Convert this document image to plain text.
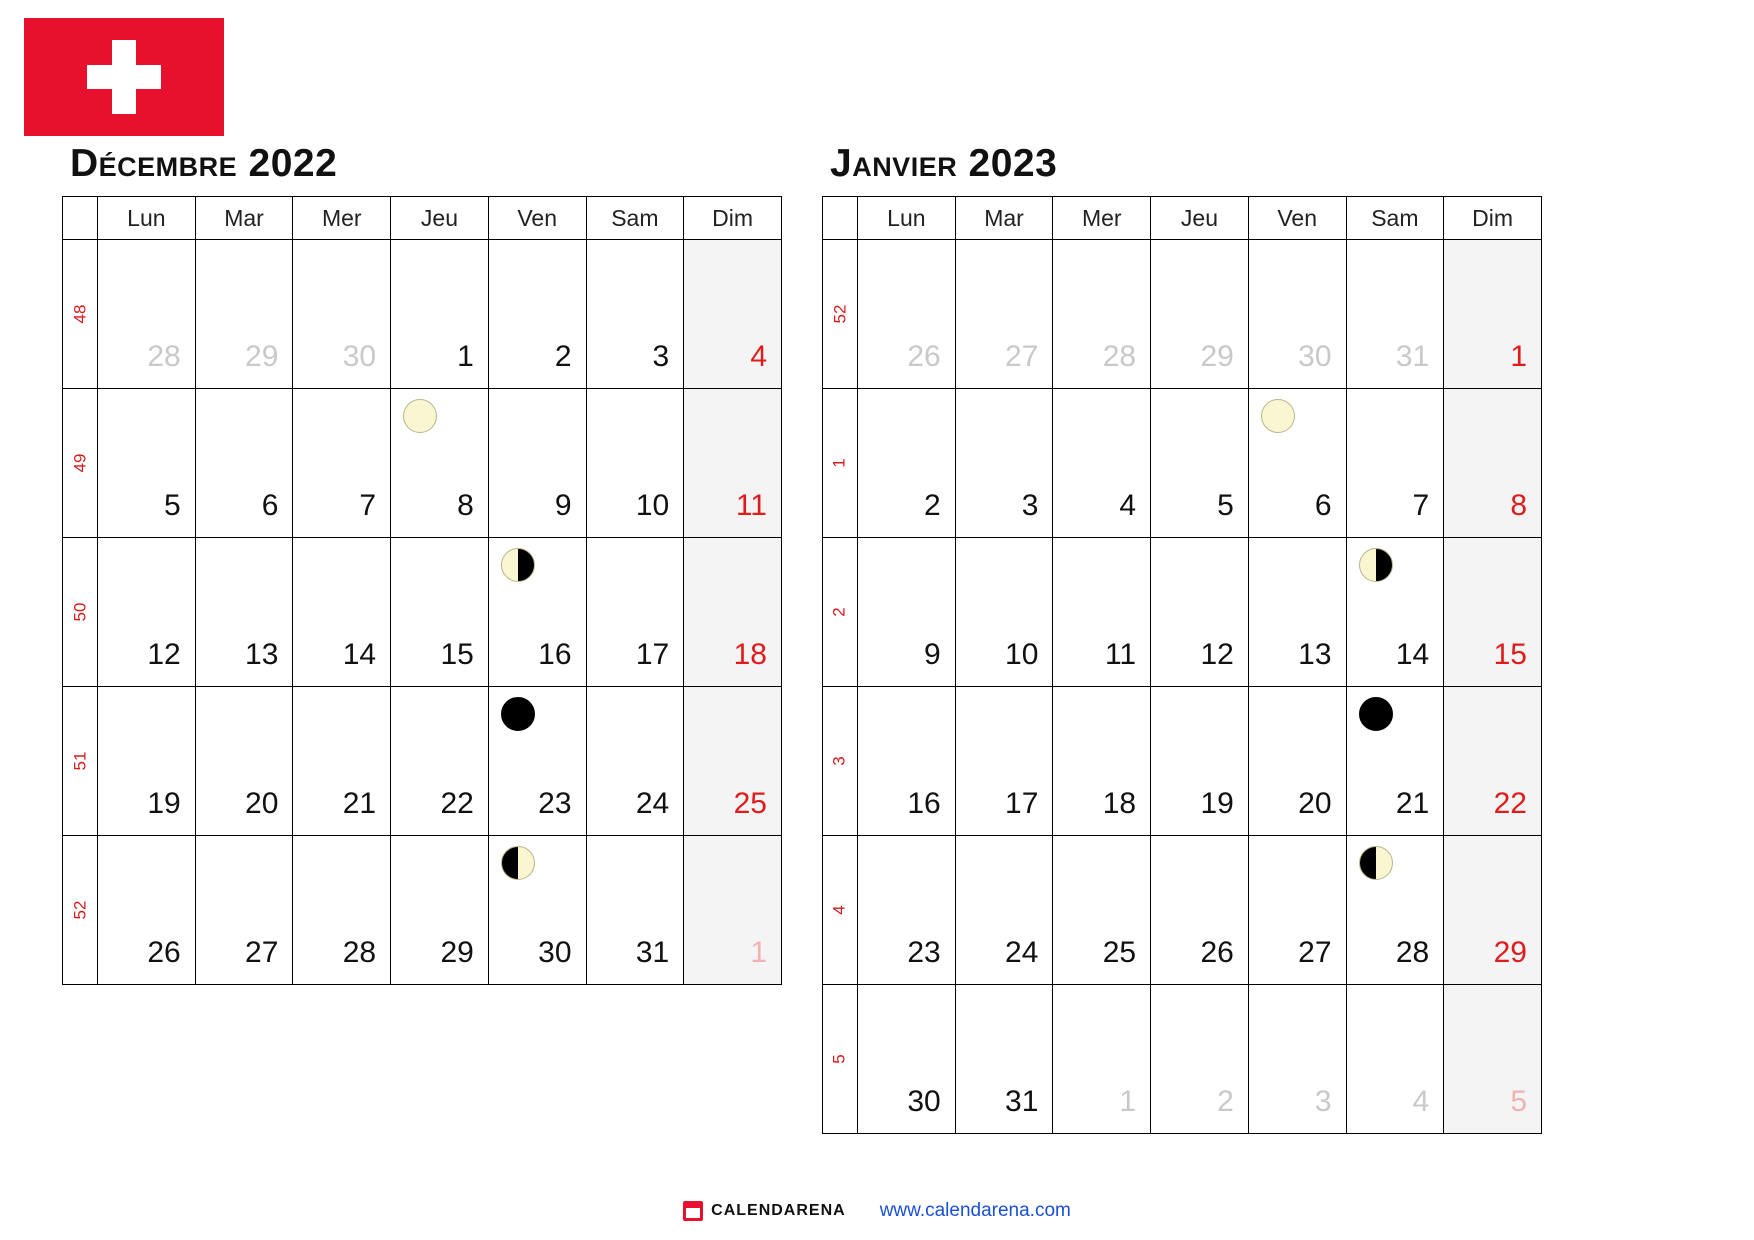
Décembre 2022
	Lun	Mar	Mer	Jeu	Ven	Sam	Dim
48	28	29	30	1	2	3	4

49	5	6	7	8	9	10	11

50	12	13	14	15	16	17	18

51	19	20	21	22	23	24	25

52	26	27	28	29	30	31	1
Janvier 2023
	Lun	Mar	Mer	Jeu	Ven	Sam	Dim
52	26	27	28	29	30	31	1

1	2	3	4	5	6	7	8

2	9	10	11	12	13	14	15

3	16	17	18	19	20	21	22

4	23	24	25	26	27	28	29

5	30	31	1	2	3	4	5
CALENDARENA www.calendarena.com
